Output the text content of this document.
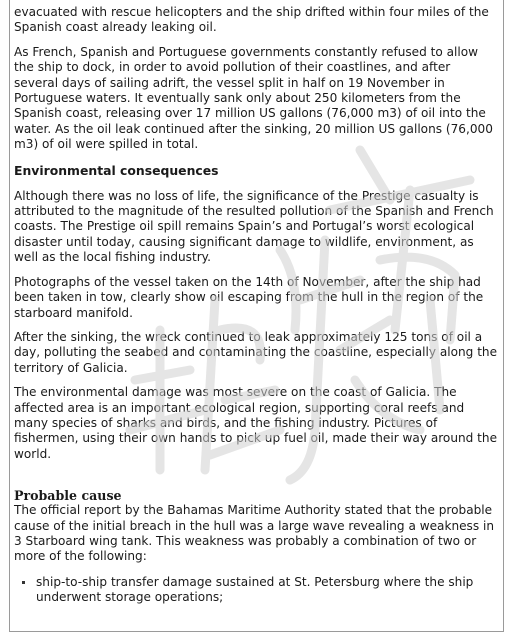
evacuated with rescue helicopters and the ship drifted within four miles of the Spanish coast already leaking oil.

As French, Spanish and Portuguese governments constantly refused to allow the ship to dock, in order to avoid pollution of their coastlines, and after several days of sailing adrift, the vessel split in half on 19 November in Portuguese waters. It eventually sank only about 250 kilometers from the Spanish coast, releasing over 17 million US gallons (76,000 m3) of oil into the water. As the oil leak continued after the sinking, 20 million US gallons (76,000 m3) of oil were spilled in total.

Environmental consequences

Although there was no loss of life, the significance of the Prestige casualty is attributed to the magnitude of the resulted pollution of the Spanish and French coasts. The Prestige oil spill remains Spain’s and Portugal’s worst ecological disaster until today, causing significant damage to wildlife, environment, as well as the local fishing industry.

Photographs of the vessel taken on the 14th of November, after the ship had been taken in tow, clearly show oil escaping from the hull in the region of the starboard manifold.

After the sinking, the wreck continued to leak approximately 125 tons of oil a day, polluting the seabed and contaminating the coastline, especially along the territory of Galicia.

The environmental damage was most severe on the coast of Galicia. The affected area is an important ecological region, supporting coral reefs and many species of sharks and birds, and the fishing industry. Pictures of fishermen, using their own hands to pick up fuel oil, made their way around the world.

Probable cause

The official report by the Bahamas Maritime Authority stated that the probable cause of the initial breach in the hull was a large wave revealing a weakness in 3 Starboard wing tank. This weakness was probably a combination of two or more of the following:

ship-to-ship transfer damage sustained at St. Petersburg where the ship underwent storage operations;
